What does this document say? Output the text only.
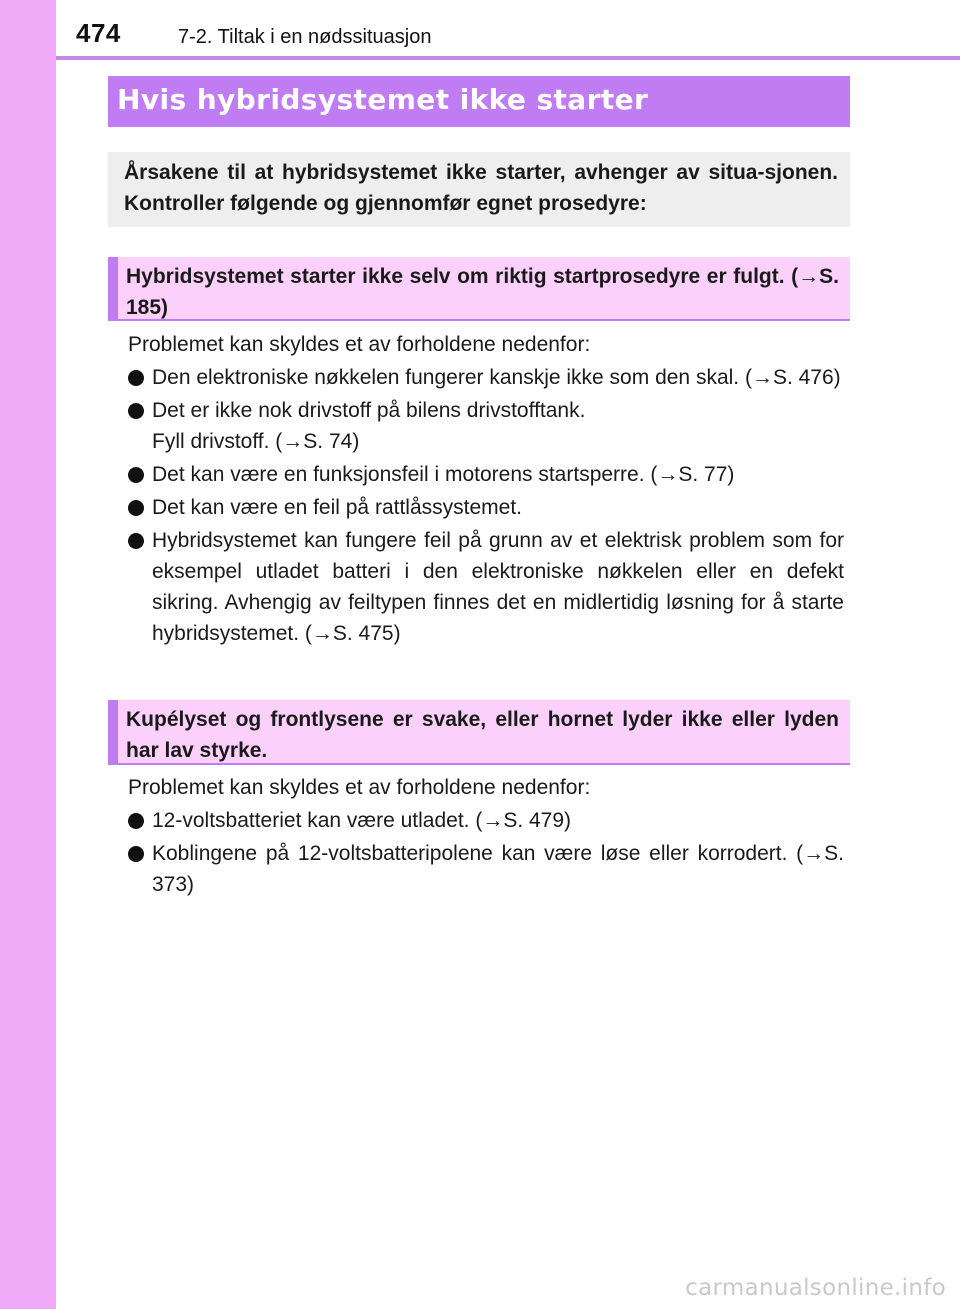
474	7-2. Tiltak i en nødssituasjon
Hvis hybridsystemet ikke starter
Årsakene til at hybridsystemet ikke starter, avhenger av situa-sjonen. Kontroller følgende og gjennomfør egnet prosedyre:
Hybridsystemet starter ikke selv om riktig startprosedyre er fulgt. (→S. 185)

Problemet kan skyldes et av forholdene nedenfor:

Den elektroniske nøkkelen fungerer kanskje ikke som den skal. (→S. 476)
Det er ikke nok drivstoff på bilens drivstofftank.
Fyll drivstoff. (→S. 74)
Det kan være en funksjonsfeil i motorens startsperre. (→S. 77)
Det kan være en feil på rattlåssystemet.
Hybridsystemet kan fungere feil på grunn av et elektrisk problem som for eksempel utladet batteri i den elektroniske nøkkelen eller en defekt sikring. Avhengig av feiltypen finnes det en midlertidig løsning for å starte hybridsystemet. (→S. 475)
Kupélyset og frontlysene er svake, eller hornet lyder ikke eller lyden har lav styrke.

Problemet kan skyldes et av forholdene nedenfor:

12-voltsbatteriet kan være utladet. (→S. 479)
Koblingene på 12-voltsbatteripolene kan være løse eller korrodert. (→S. 373)
carmanualsonline.info
